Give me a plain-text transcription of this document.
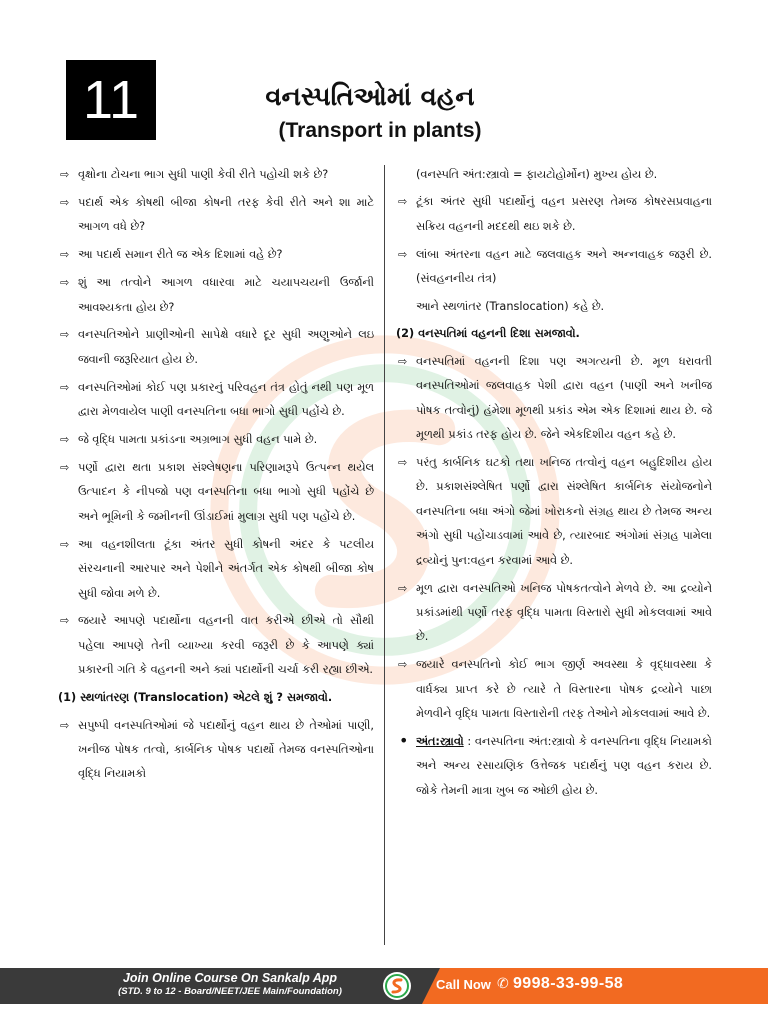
11	વનસ્પતિઓમાં વહન
(Transport in plants)
⇨ વૃક્ષોના ટોચના ભાગ સુધી પાણી કેવી રીતે પહોચી શકે છે?
⇨ પદાર્થ એક કોષથી બીજા કોષની તરફ કેવી રીતે અને શા માટે આગળ વધે છે?
⇨ આ પદાર્થ સમાન રીતે જ એક દિશામાં વહે છે?
⇨ શું આ તત્વોને આગળ વધારવા માટે ચયાપચયની ઉર્જાની આવશ્યકતા હોય છે?
⇨ વનસ્પતિઓને પ્રાણીઓની સાપેક્ષે વધારે દૂર સુધી અણુઓને લઇ જવાની જરૂરિયાત હોય છે.
⇨ વનસ્પતિઓમાં કોઈ પણ પ્રકારનું પરિવહન તંત્ર હોતું નથી પણ મૂળ દ્વારા મેળવાયેલ પાણી વનસ્પતિના બધા ભાગો સુધી પહોંચે છે.
⇨ જે વૃદ્ધિ પામતા પ્રકાંડના અગ્રભાગ સુધી વહન પામે છે.
⇨ પર્ણો દ્વારા થતા પ્રકાશ સંશ્લેષણના પરિણામરૂપે ઉત્પન્ન થયેલ ઉત્પાદન કે નીપજો પણ વનસ્પતિના બધા ભાગો સુધી પહોંચે છે અને ભૂમિની કે જમીનની ઊંડાઈમાં મુલાગ્ર સુધી પણ પહોંચે છે.
⇨ આ વહનશીલતા ટૂંકા અંતર સુધી કોષની અંદર કે પટલીય સંરચનાની આરપાર અને પેશીને અંતર્ગત એક કોષથી બીજા કોષ સુધી જોવા મળે છે.
⇨ જયારે આપણે પદાર્થોના વહનની વાત કરીએ છીએ તો સૌથી પહેલા આપણે તેની વ્યાખ્યા કરવી જરૂરી છે કે આપણે ક્યાં પ્રકારની ગતિ કે વહનની અને ક્યાં પદાર્થોની ચર્ચા કરી રહ્યા છીએ.
(1) સ્થળાંતરણ (Translocation) એટલે શું ? સમજાવો.
⇨ સપુષ્પી વનસ્પતિઓમાં જે પદાર્થોનું વહન થાય છે તેઓમાં પાણી, ખનીજ પોષક તત્વો, કાર્બનિક પોષક પદાર્થો તેમજ વનસ્પતિઓના વૃદ્ધિ નિયામકો
(વનસ્પતિ અંત:સ્ત્રાવો = ફાયટોહોર્મોન) મુખ્ય હોય છે.
⇨ ટૂંકા અંતર સુધી પદાર્થોનું વહન પ્રસરણ તેમજ કોષરસપ્રવાહના સક્રિય વહનની મદદથી થઇ શકે છે.
⇨ લાંબા અંતરના વહન માટે જલવાહક અને અન્નવાહક જરૂરી છે. (સંવહનનીય તંત્ર)
આને સ્થળાંતર (Translocation) કહે છે.
(2) વનસ્પતિમાં વહનની દિશા સમજાવો.
⇨ વનસ્પતિમાં વહનની દિશા પણ અગત્યની છે. મૂળ ધરાવતી વનસ્પતિઓમાં જલવાહક પેશી દ્વારા વહન (પાણી અને ખનીજ પોષક તત્વોનું) હંમેશા મૂળથી પ્રકાંડ એમ એક દિશામાં થાય છે. જે મૂળથી પ્રકાંડ તરફ હોય છે. જેને એકદિશીય વહન કહે છે.
⇨ પરંતુ કાર્બનિક ઘટકો તથા ખનિજ તત્વોનું વહન બહુદિશીય હોય છે. પ્રકાશસંશ્લેષિત પર્ણો દ્વારા સંશ્લેષિત કાર્બનિક સંયોજનોને વનસ્પતિના બધા અંગો જેમાં ખોરાકનો સંગ્રહ થાય છે તેમજ અન્ય અંગો સુધી પહોંચાડવામાં આવે છે, ત્યારબાદ અંગોમાં સંગ્રહ પામેલા દ્રવ્યોનું પુન:વહન કરવામાં આવે છે.
⇨ મૂળ દ્વારા વનસ્પતિઓ ખનિજ પોષકતત્વોને મેળવે છે. આ દ્રવ્યોને પ્રકાંડમાંથી પર્ણો તરફ વૃદ્ધિ પામતા વિસ્તારો સુધી મોકલવામાં આવે છે.
⇨ જયારે વનસ્પતિનો કોઈ ભાગ જીર્ણ અવસ્થા કે વૃદ્ધાવસ્થા કે વાર્ધક્ય પ્રાપ્ત કરે છે ત્યારે તે વિસ્તારના પોષક દ્રવ્યોને પાછા મેળવીને વૃદ્ધિ પામતા વિસ્તારોની તરફ તેઓને મોકલવામાં આવે છે.
• અંત:સ્ત્રાવો : વનસ્પતિના અંત:સ્ત્રાવો કે વનસ્પતિના વૃદ્ધિ નિયામકો અને અન્ય રસાયણિક ઉત્તેજક પદાર્થનું પણ વહન કરાય છે. જોકે તેમની માત્રા ખુબ જ ઓછી હોય છે.
Join Online Course On Sankalp App
(STD. 9 to 12 - Board/NEET/JEE Main/Foundation)	Call Now ✆ 9998-33-99-58
